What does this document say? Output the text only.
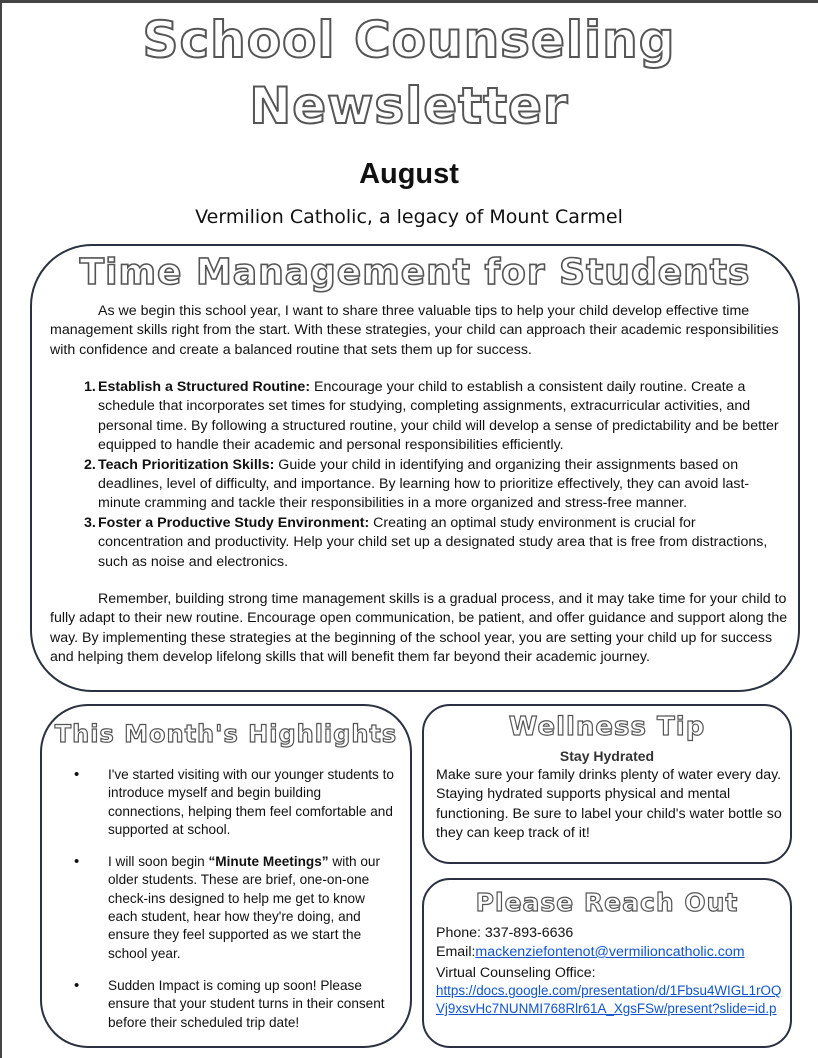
School Counseling
Newsletter
August
Vermilion Catholic, a legacy of Mount Carmel
Time Management for Students
As we begin this school year, I want to share three valuable tips to help your child develop effective time management skills right from the start. With these strategies, your child can approach their academic responsibilities with confidence and create a balanced routine that sets them up for success.
1. Establish a Structured Routine: Encourage your child to establish a consistent daily routine. Create a schedule that incorporates set times for studying, completing assignments, extracurricular activities, and personal time. By following a structured routine, your child will develop a sense of predictability and be better equipped to handle their academic and personal responsibilities efficiently.
2. Teach Prioritization Skills: Guide your child in identifying and organizing their assignments based on deadlines, level of difficulty, and importance. By learning how to prioritize effectively, they can avoid last-minute cramming and tackle their responsibilities in a more organized and stress-free manner.
3. Foster a Productive Study Environment: Creating an optimal study environment is crucial for concentration and productivity. Help your child set up a designated study area that is free from distractions, such as noise and electronics.
Remember, building strong time management skills is a gradual process, and it may take time for your child to fully adapt to their new routine. Encourage open communication, be patient, and offer guidance and support along the way. By implementing these strategies at the beginning of the school year, you are setting your child up for success and helping them develop lifelong skills that will benefit them far beyond their academic journey.
This Month's Highlights
• I've started visiting with our younger students to introduce myself and begin building connections, helping them feel comfortable and supported at school.
• I will soon begin “Minute Meetings” with our older students. These are brief, one-on-one check-ins designed to help me get to know each student, hear how they're doing, and ensure they feel supported as we start the school year.
• Sudden Impact is coming up soon! Please ensure that your student turns in their consent before their scheduled trip date!
Wellness Tip
Stay Hydrated
Make sure your family drinks plenty of water every day. Staying hydrated supports physical and mental functioning. Be sure to label your child's water bottle so they can keep track of it!
Please Reach Out
Phone: 337-893-6636
Email:mackenziefontenot@vermilioncatholic.com
Virtual Counseling Office:
https://docs.google.com/presentation/d/1Fbsu4WIGL1rOQVj9xsvHc7NUNMI768Rlr61A_XgsFSw/present?slide=id.p
